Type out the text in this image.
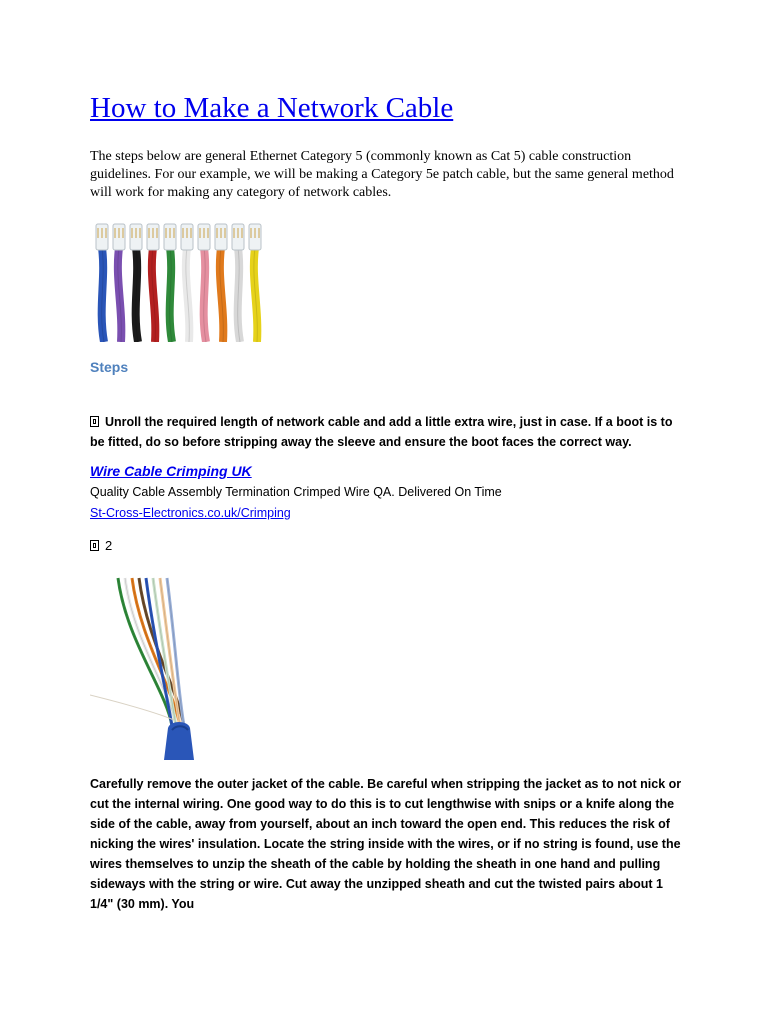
How to Make a Network Cable

The steps below are general Ethernet Category 5 (commonly known as Cat 5) cable construction guidelines. For our example, we will be making a Category 5e patch cable, but the same general method will work for making any category of network cables.

Steps

Unroll the required length of network cable and add a little extra wire, just in case. If a boot is to be fitted, do so before stripping away the sleeve and ensure the boot faces the correct way.

Wire Cable Crimping UK

Quality Cable Assembly Termination Crimped Wire QA. Delivered On Time

St-Cross-Electronics.co.uk/Crimping

2

Carefully remove the outer jacket of the cable. Be careful when stripping the jacket as to not nick or cut the internal wiring. One good way to do this is to cut lengthwise with snips or a knife along the side of the cable, away from yourself, about an inch toward the open end. This reduces the risk of nicking the wires' insulation. Locate the string inside with the wires, or if no string is found, use the wires themselves to unzip the sheath of the cable by holding the sheath in one hand and pulling sideways with the string or wire. Cut away the unzipped sheath and cut the twisted pairs about 1 1/4" (30 mm). You
